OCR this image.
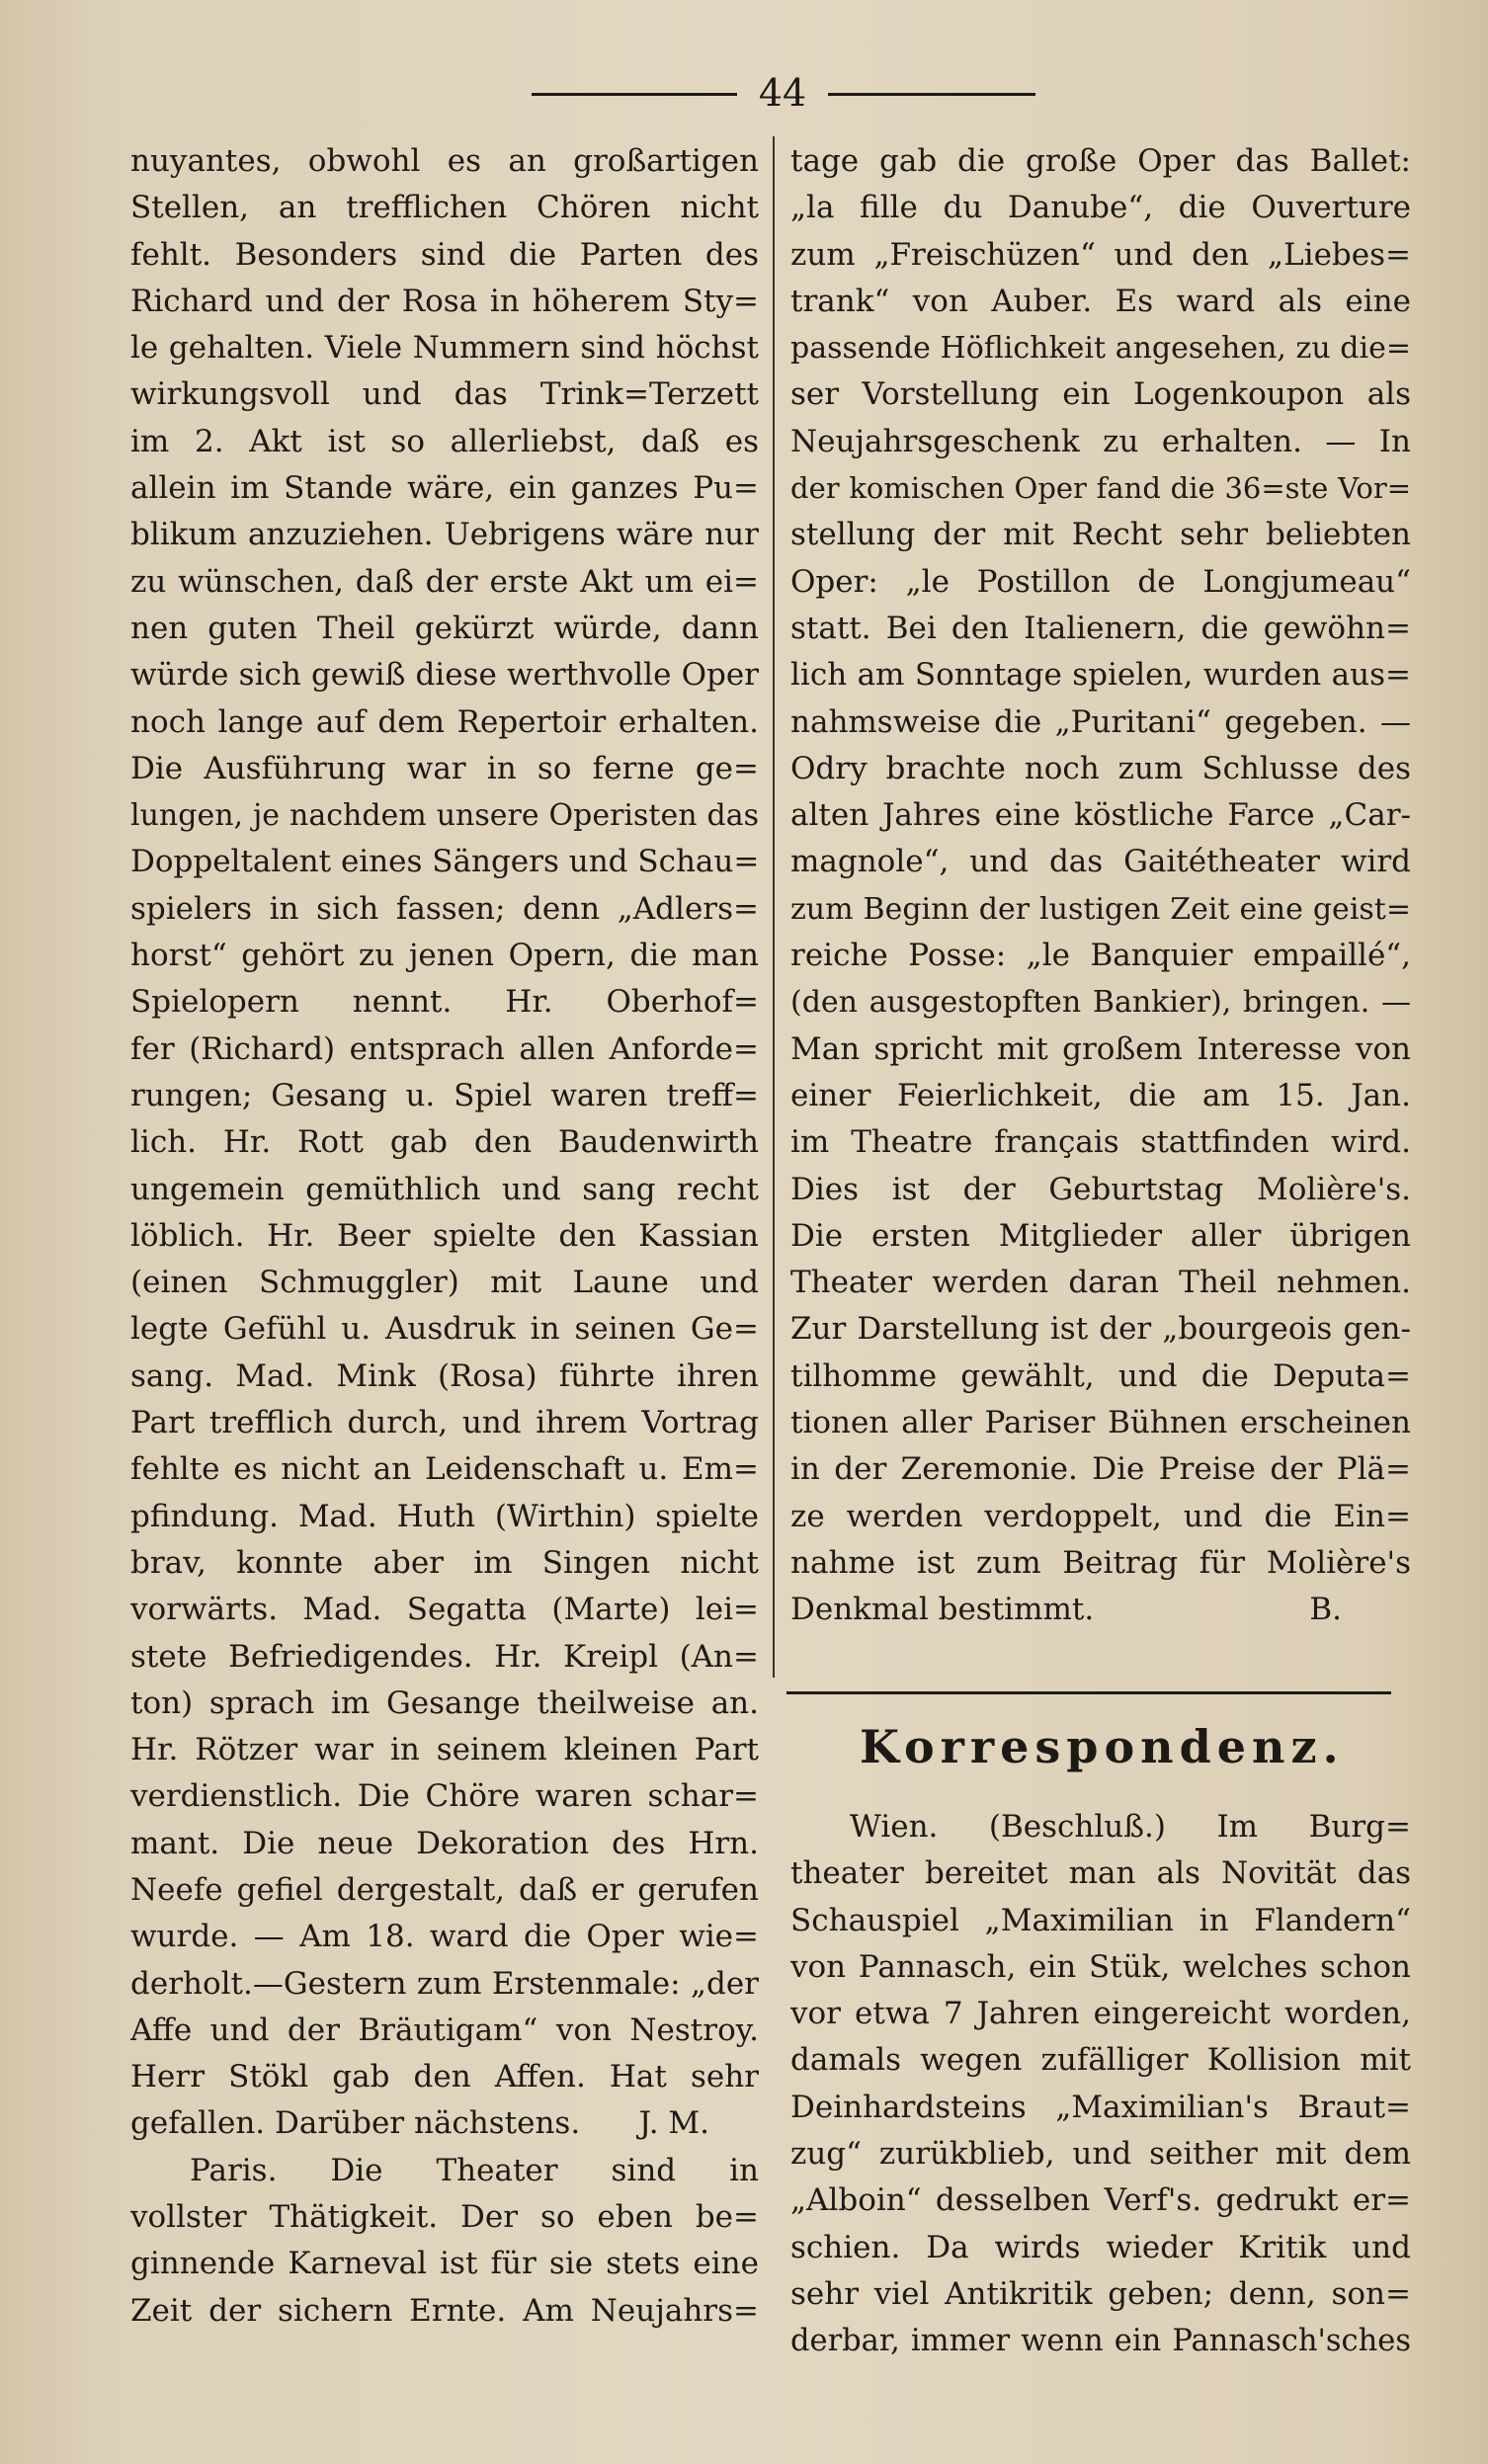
44
nuyantes, obwohl es an großartigen
Stellen, an trefflichen Chören nicht
fehlt. Besonders sind die Parten des
Richard und der Rosa in höherem Sty=
le gehalten. Viele Nummern sind höchst
wirkungsvoll und das Trink=Terzett
im 2. Akt ist so allerliebst, daß es
allein im Stande wäre, ein ganzes Pu=
blikum anzuziehen. Uebrigens wäre nur
zu wünschen, daß der erste Akt um ei=
nen guten Theil gekürzt würde, dann
würde sich gewiß diese werthvolle Oper
noch lange auf dem Repertoir erhalten.
Die Ausführung war in so ferne ge=
lungen, je nachdem unsere Operisten das
Doppeltalent eines Sängers und Schau=
spielers in sich fassen; denn „Adlers=
horst“ gehört zu jenen Opern, die man
Spielopern nennt. Hr. Oberhof=
fer (Richard) entsprach allen Anforde=
rungen; Gesang u. Spiel waren treff=
lich. Hr. Rott gab den Baudenwirth
ungemein gemüthlich und sang recht
löblich. Hr. Beer spielte den Kassian
(einen Schmuggler) mit Laune und
legte Gefühl u. Ausdruk in seinen Ge=
sang. Mad. Mink (Rosa) führte ihren
Part trefflich durch, und ihrem Vortrag
fehlte es nicht an Leidenschaft u. Em=
pfindung. Mad. Huth (Wirthin) spielte
brav, konnte aber im Singen nicht
vorwärts. Mad. Segatta (Marte) lei=
stete Befriedigendes. Hr. Kreipl (An=
ton) sprach im Gesange theilweise an.
Hr. Rötzer war in seinem kleinen Part
verdienstlich. Die Chöre waren schar=
mant. Die neue Dekoration des Hrn.
Neefe gefiel dergestalt, daß er gerufen
wurde. — Am 18. ward die Oper wie=
derholt.—Gestern zum Erstenmale: „der
Affe und der Bräutigam“ von Nestroy.
Herr Stökl gab den Affen. Hat sehr
gefallen. Darüber nächstens. J. M.
Paris. Die Theater sind in
vollster Thätigkeit. Der so eben be=
ginnende Karneval ist für sie stets eine
Zeit der sichern Ernte. Am Neujahrs=
tage gab die große Oper das Ballet:
„la fille du Danube“, die Ouverture
zum „Freischüzen“ und den „Liebes=
trank“ von Auber. Es ward als eine
passende Höflichkeit angesehen, zu die=
ser Vorstellung ein Logenkoupon als
Neujahrsgeschenk zu erhalten. — In
der komischen Oper fand die 36=ste Vor=
stellung der mit Recht sehr beliebten
Oper: „le Postillon de Longjumeau“
statt. Bei den Italienern, die gewöhn=
lich am Sonntage spielen, wurden aus=
nahmsweise die „Puritani“ gegeben. —
Odry brachte noch zum Schlusse des
alten Jahres eine köstliche Farce „Car-
magnole“, und das Gaitétheater wird
zum Beginn der lustigen Zeit eine geist=
reiche Posse: „le Banquier empaillé“,
(den ausgestopften Bankier), bringen. —
Man spricht mit großem Interesse von
einer Feierlichkeit, die am 15. Jan.
im Theatre français stattfinden wird.
Dies ist der Geburtstag Molière's.
Die ersten Mitglieder aller übrigen
Theater werden daran Theil nehmen.
Zur Darstellung ist der „bourgeois gen-
tilhomme gewählt, und die Deputa=
tionen aller Pariser Bühnen erscheinen
in der Zeremonie. Die Preise der Plä=
ze werden verdoppelt, und die Ein=
nahme ist zum Beitrag für Molière's
Denkmal bestimmt.	B.
Korrespondenz.
Wien. (Beschluß.) Im Burg=
theater bereitet man als Novität das
Schauspiel „Maximilian in Flandern“
von Pannasch, ein Stük, welches schon
vor etwa 7 Jahren eingereicht worden,
damals wegen zufälliger Kollision mit
Deinhardsteins „Maximilian's Braut=
zug“ zurükblieb, und seither mit dem
„Alboin“ desselben Verf's. gedrukt er=
schien. Da wirds wieder Kritik und
sehr viel Antikritik geben; denn, son=
derbar, immer wenn ein Pannasch'sches
